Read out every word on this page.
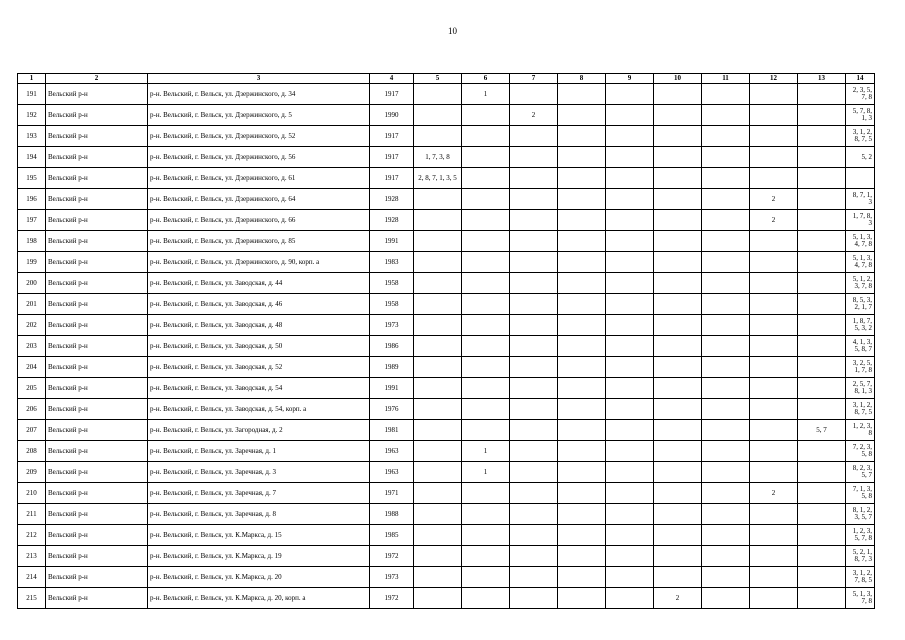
10
1	2	3	4	5	6	7	8	9	10	11	12	13	14
191	Вельский р-н	р-н. Вельский, г. Вельск, ул. Дзержинского, д. 34	1917		1								2, 3, 5, 7, 8
192	Вельский р-н	р-н. Вельский, г. Вельск, ул. Дзержинского, д. 5	1990			2							5, 7, 8, 1, 3
193	Вельский р-н	р-н. Вельский, г. Вельск, ул. Дзержинского, д. 52	1917										3, 1, 2, 8, 7, 5
194	Вельский р-н	р-н. Вельский, г. Вельск, ул. Дзержинского, д. 56	1917	1, 7, 3, 8									5, 2
195	Вельский р-н	р-н. Вельский, г. Вельск, ул. Дзержинского, д. 61	1917	2, 8, 7, 1, 3, 5									
196	Вельский р-н	р-н. Вельский, г. Вельск, ул. Дзержинского, д. 64	1928								2		8, 7, 1, 3
197	Вельский р-н	р-н. Вельский, г. Вельск, ул. Дзержинского, д. 66	1928								2		1, 7, 8, 3
198	Вельский р-н	р-н. Вельский, г. Вельск, ул. Дзержинского, д. 85	1991										5, 1, 3, 4, 7, 8
199	Вельский р-н	р-н. Вельский, г. Вельск, ул. Дзержинского, д. 90, корп. а	1983										5, 1, 3, 4, 7, 8
200	Вельский р-н	р-н. Вельский, г. Вельск, ул. Заводская, д. 44	1958										5, 1, 2, 3, 7, 8
201	Вельский р-н	р-н. Вельский, г. Вельск, ул. Заводская, д. 46	1958										8, 5, 3, 2, 1, 7
202	Вельский р-н	р-н. Вельский, г. Вельск, ул. Заводская, д. 48	1973										1, 8, 7, 5, 3, 2
203	Вельский р-н	р-н. Вельский, г. Вельск, ул. Заводская, д. 50	1986										4, 1, 3, 5, 8, 7
204	Вельский р-н	р-н. Вельский, г. Вельск, ул. Заводская, д. 52	1989										3, 2, 5, 1, 7, 8
205	Вельский р-н	р-н. Вельский, г. Вельск, ул. Заводская, д. 54	1991										2, 5, 7, 8, 1, 3
206	Вельский р-н	р-н. Вельский, г. Вельск, ул. Заводская, д. 54, корп. а	1976										3, 1, 2, 8, 7, 5
207	Вельский р-н	р-н. Вельский, г. Вельск, ул. Загородная, д. 2	1981									5, 7	1, 2, 3, 8
208	Вельский р-н	р-н. Вельский, г. Вельск, ул. Заречная, д. 1	1963		1								7, 2, 3, 5, 8
209	Вельский р-н	р-н. Вельский, г. Вельск, ул. Заречная, д. 3	1963		1								8, 2, 3, 5, 7
210	Вельский р-н	р-н. Вельский, г. Вельск, ул. Заречная, д. 7	1971								2		7, 1, 3, 5, 8
211	Вельский р-н	р-н. Вельский, г. Вельск, ул. Заречная, д. 8	1988										8, 1, 2, 3, 5, 7
212	Вельский р-н	р-н. Вельский, г. Вельск, ул. К.Маркса, д. 15	1985										1, 2, 3, 5, 7, 8
213	Вельский р-н	р-н. Вельский, г. Вельск, ул. К.Маркса, д. 19	1972										5, 2, 1, 8, 7, 3
214	Вельский р-н	р-н. Вельский, г. Вельск, ул. К.Маркса, д. 20	1973										3, 1, 2, 7, 8, 5
215	Вельский р-н	р-н. Вельский, г. Вельск, ул. К.Маркса, д. 20, корп. а	1972						2				5, 1, 3, 7, 8
